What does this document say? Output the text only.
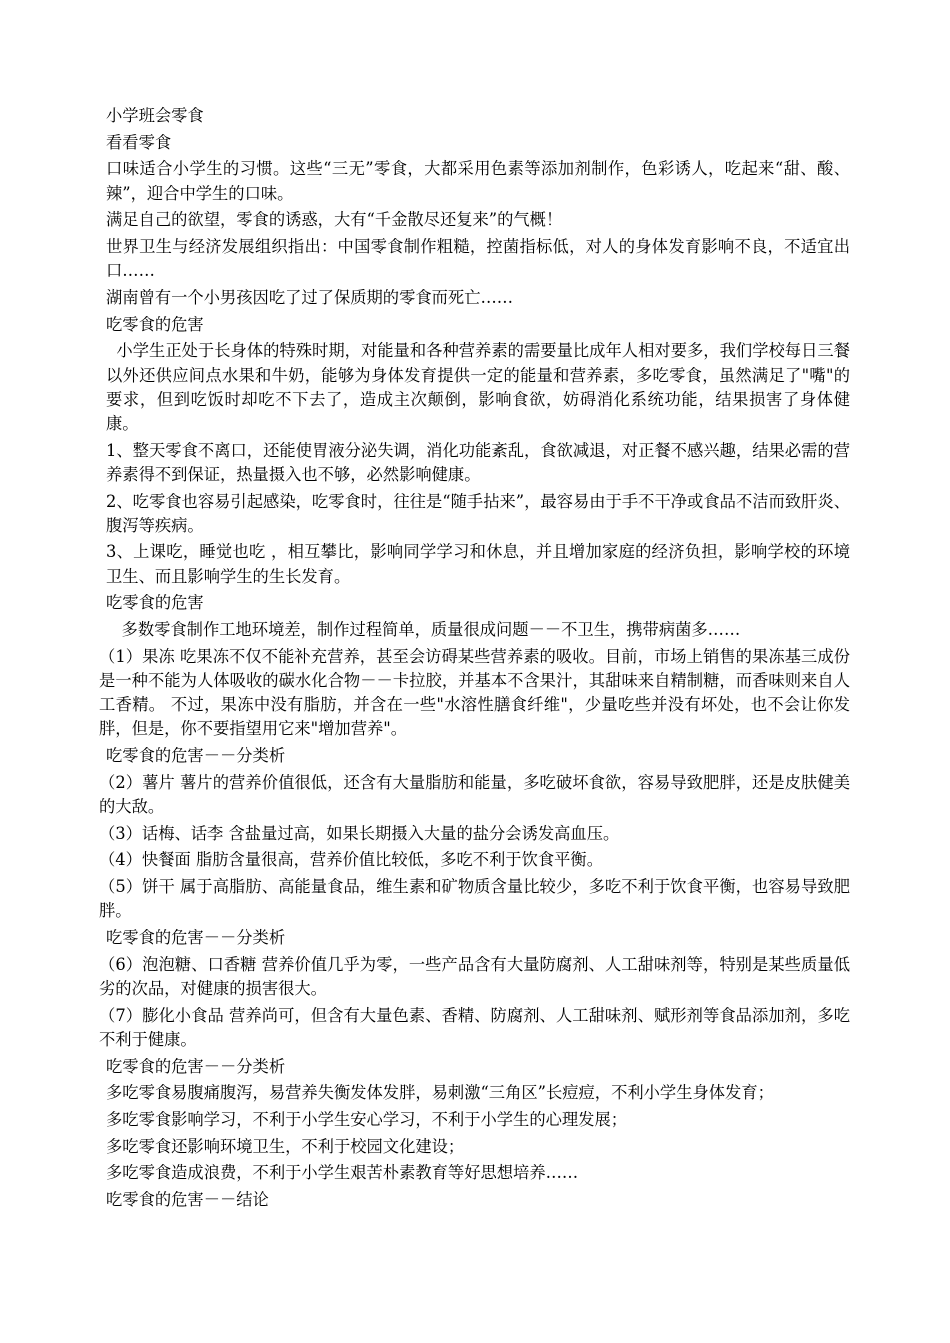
小学班会零食

看看零食

口味适合小学生的习惯。这些“三无”零食，大都采用色素等添加剂制作，色彩诱人，吃起来“甜、酸、辣”，迎合中学生的口味。

满足自己的欲望，零食的诱惑，大有“千金散尽还复来”的气概！

世界卫生与经济发展组织指出：中国零食制作粗糙，控菌指标低，对人的身体发育影响不良，不适宜出口……

湖南曾有一个小男孩因吃了过了保质期的零食而死亡……

吃零食的危害

小学生正处于长身体的特殊时期，对能量和各种营养素的需要量比成年人相对要多，我们学校每日三餐以外还供应间点水果和牛奶，能够为身体发育提供一定的能量和营养素，多吃零食，虽然满足了"嘴"的要求，但到吃饭时却吃不下去了，造成主次颠倒，影响食欲，妨碍消化系统功能，结果损害了身体健康。

1、整天零食不离口，还能使胃液分泌失调，消化功能紊乱，食欲减退，对正餐不感兴趣，结果必需的营养素得不到保证，热量摄入也不够，必然影响健康。

2、吃零食也容易引起感染，吃零食时，往往是“随手拈来”，最容易由于手不干净或食品不洁而致肝炎、腹泻等疾病。

3、上课吃，睡觉也吃 ，相互攀比，影响同学学习和休息，并且增加家庭的经济负担，影响学校的环境卫生、而且影响学生的生长发育。

吃零食的危害

多数零食制作工地环境差，制作过程简单，质量很成问题－－不卫生，携带病菌多……

（1）果冻 吃果冻不仅不能补充营养，甚至会访碍某些营养素的吸收。目前，市场上销售的果冻基三成份是一种不能为人体吸收的碳水化合物－－卡拉胶，并基本不含果汁，其甜味来自精制糖，而香味则来自人工香精。 不过，果冻中没有脂肪，并含在一些"水溶性膳食纤维"，少量吃些并没有坏处，也不会让你发胖，但是，你不要指望用它来"增加营养"。

吃零食的危害－－分类析

（2）薯片 薯片的营养价值很低，还含有大量脂肪和能量，多吃破坏食欲，容易导致肥胖，还是皮肤健美的大敌。

（3）话梅、话李 含盐量过高，如果长期摄入大量的盐分会诱发高血压。

（4）快餐面 脂肪含量很高，营养价值比较低，多吃不利于饮食平衡。

（5）饼干 属于高脂肪、高能量食品，维生素和矿物质含量比较少，多吃不利于饮食平衡，也容易导致肥胖。

吃零食的危害－－分类析

（6）泡泡糖、口香糖 营养价值几乎为零，一些产品含有大量防腐剂、人工甜味剂等，特别是某些质量低劣的次品，对健康的损害很大。

（7）膨化小食品 营养尚可，但含有大量色素、香精、防腐剂、人工甜味剂、赋形剂等食品添加剂，多吃不利于健康。

吃零食的危害－－分类析

多吃零食易腹痛腹泻，易营养失衡发体发胖，易刺激“三角区”长痘痘，不利小学生身体发育；

多吃零食影响学习，不利于小学生安心学习，不利于小学生的心理发展；

多吃零食还影响环境卫生，不利于校园文化建设；

多吃零食造成浪费，不利于小学生艰苦朴素教育等好思想培养……

吃零食的危害－－结论
